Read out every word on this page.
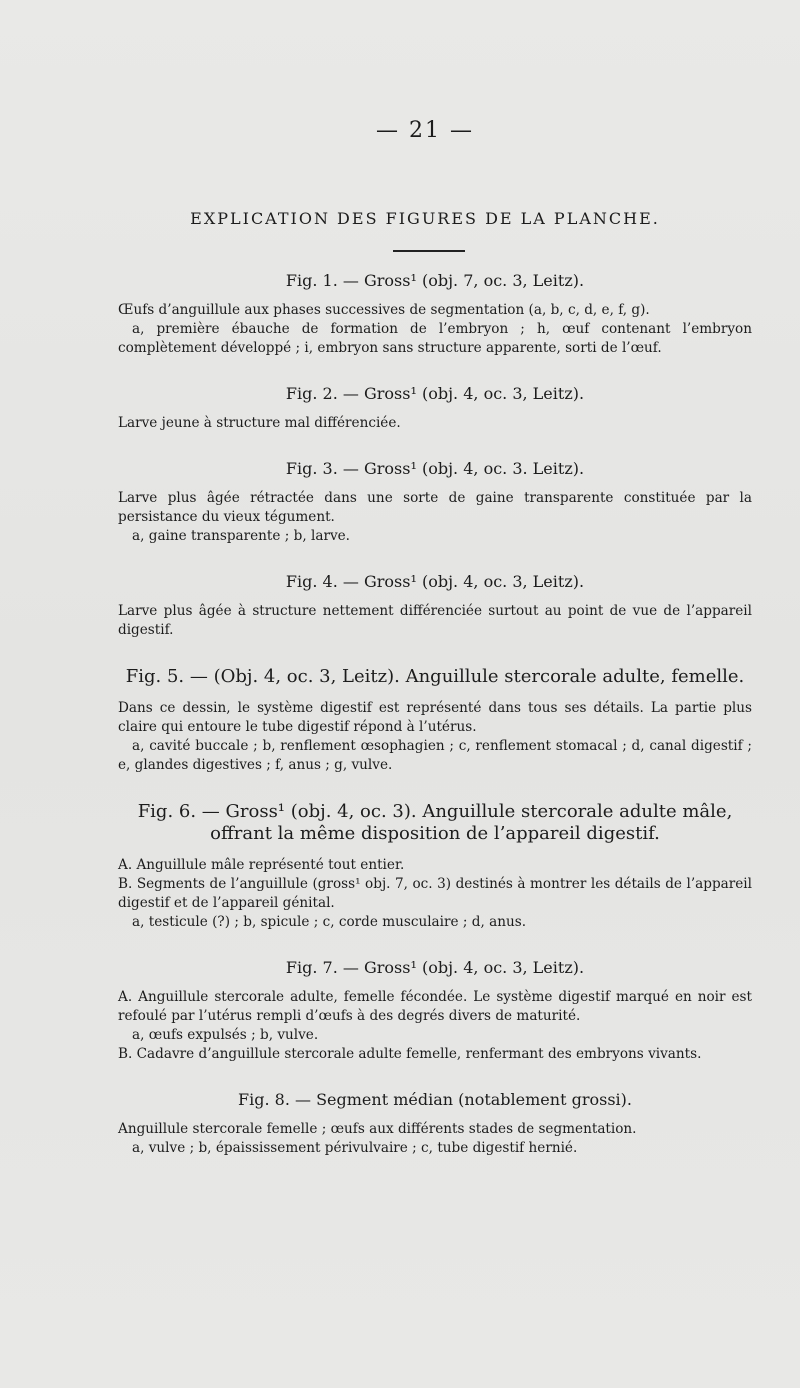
— 21 —
EXPLICATION DES FIGURES DE LA PLANCHE.
Fig. 1. — Gross¹ (obj. 7, oc. 3, Leitz).

Œufs d’anguillule aux phases successives de segmentation (a, b, c, d, e, f, g).

a, première ébauche de formation de l’embryon ; h, œuf contenant l’embryon complètement développé ; i, embryon sans structure apparente, sorti de l’œuf.

Fig. 2. — Gross¹ (obj. 4, oc. 3, Leitz).

Larve jeune à structure mal différenciée.

Fig. 3. — Gross¹ (obj. 4, oc. 3. Leitz).

Larve plus âgée rétractée dans une sorte de gaine transparente constituée par la persistance du vieux tégument.

a, gaine transparente ; b, larve.

Fig. 4. — Gross¹ (obj. 4, oc. 3, Leitz).

Larve plus âgée à structure nettement différenciée surtout au point de vue de l’appareil digestif.

Fig. 5. — (Obj. 4, oc. 3, Leitz). Anguillule stercorale adulte, femelle.

Dans ce dessin, le système digestif est représenté dans tous ses détails. La partie plus claire qui entoure le tube digestif répond à l’utérus.

a, cavité buccale ; b, renflement œsophagien ; c, renflement stomacal ; d, canal digestif ; e, glandes digestives ; f, anus ; g, vulve.

Fig. 6. — Gross¹ (obj. 4, oc. 3). Anguillule stercorale adulte mâle, offrant la même disposition de l’appareil digestif.

A. Anguillule mâle représenté tout entier.

B. Segments de l’anguillule (gross¹ obj. 7, oc. 3) destinés à montrer les détails de l’appareil digestif et de l’appareil génital.

a, testicule (?) ; b, spicule ; c, corde musculaire ; d, anus.

Fig. 7. — Gross¹ (obj. 4, oc. 3, Leitz).

A. Anguillule stercorale adulte, femelle fécondée. Le système digestif marqué en noir est refoulé par l’utérus rempli d’œufs à des degrés divers de maturité.

a, œufs expulsés ; b, vulve.

B. Cadavre d’anguillule stercorale adulte femelle, renfermant des embryons vivants.

Fig. 8. — Segment médian (notablement grossi).

Anguillule stercorale femelle ; œufs aux différents stades de segmentation.

a, vulve ; b, épaississement périvulvaire ; c, tube digestif hernié.
